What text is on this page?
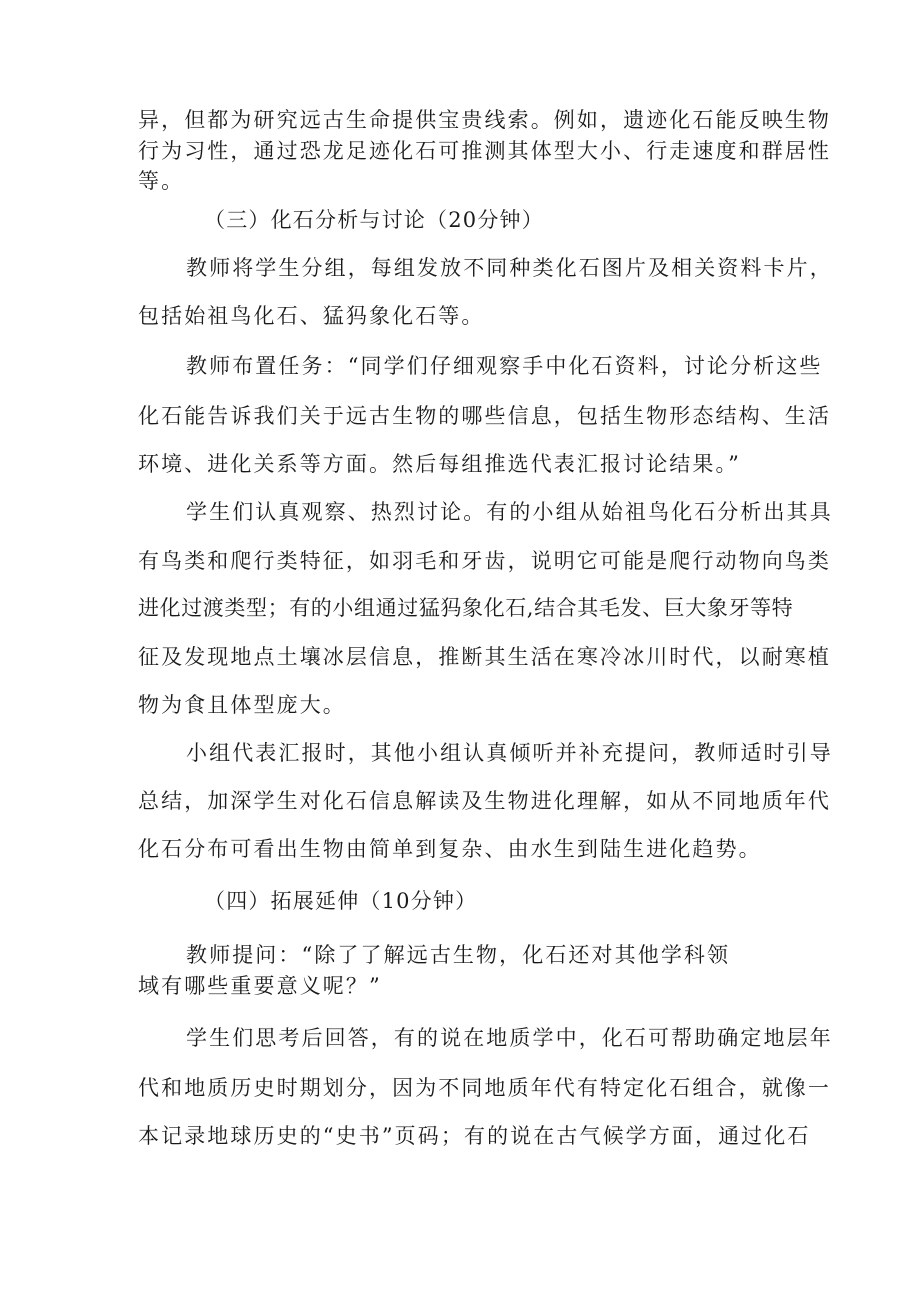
异，但都为研究远古生命提供宝贵线索。例如，遗迹化石能反映生物
行为习性，通过恐龙足迹化石可推测其体型大小、行走速度和群居性
等。
（三）化石分析与讨论（20分钟）
教师将学生分组，每组发放不同种类化石图片及相关资料卡片，
包括始祖鸟化石、猛犸象化石等。
教师布置任务：“同学们仔细观察手中化石资料，讨论分析这些
化石能告诉我们关于远古生物的哪些信息，包括生物形态结构、生活
环境、进化关系等方面。然后每组推选代表汇报讨论结果。”
学生们认真观察、热烈讨论。有的小组从始祖鸟化石分析出其具
有鸟类和爬行类特征，如羽毛和牙齿，说明它可能是爬行动物向鸟类
进化过渡类型；有的小组通过猛犸象化石,结合其毛发、巨大象牙等特
征及发现地点土壤冰层信息，推断其生活在寒冷冰川时代，以耐寒植
物为食且体型庞大。
小组代表汇报时，其他小组认真倾听并补充提问，教师适时引导
总结，加深学生对化石信息解读及生物进化理解，如从不同地质年代
化石分布可看出生物由简单到复杂、由水生到陆生进化趋势。
（四）拓展延伸（10分钟）
教师提问：“除了了解远古生物，化石还对其他学科领
域有哪些重要意义呢？”
学生们思考后回答，有的说在地质学中，化石可帮助确定地层年
代和地质历史时期划分，因为不同地质年代有特定化石组合，就像一
本记录地球历史的“史书”页码；有的说在古气候学方面，通过化石
